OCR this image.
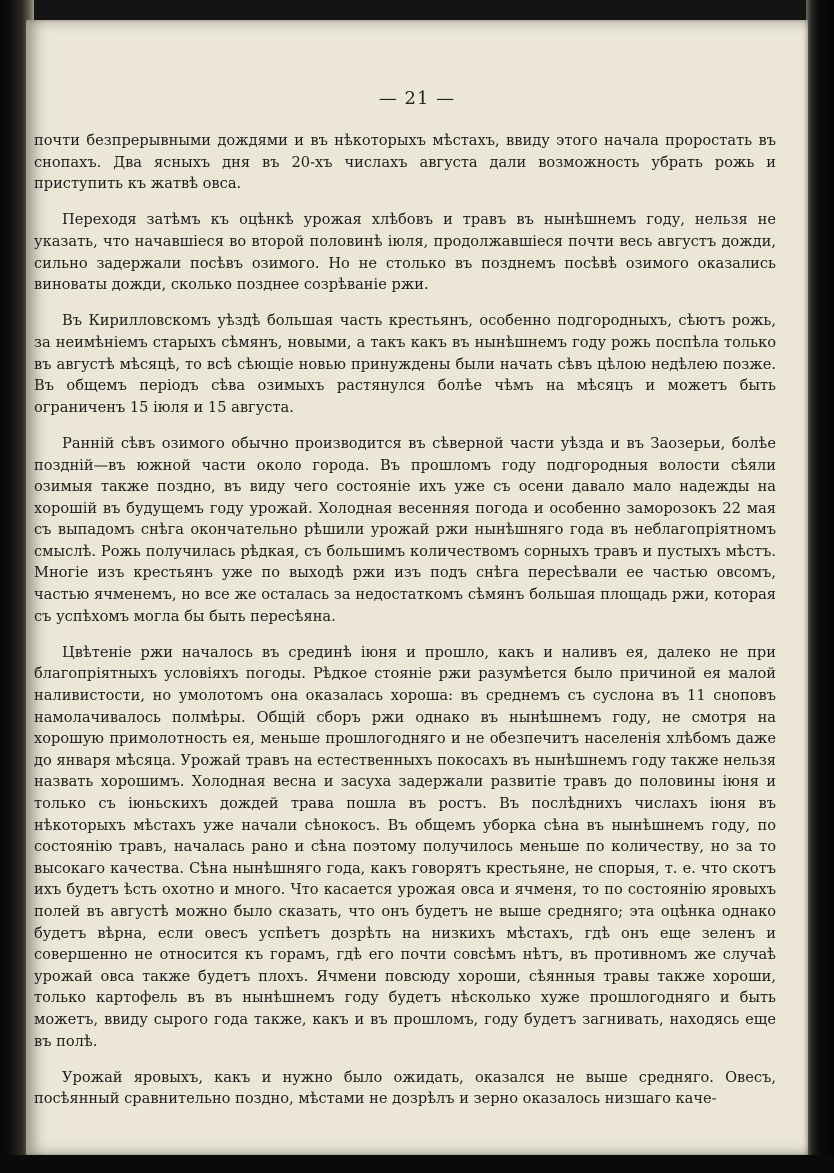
— 21 —

почти безпрерывными дождями и въ нѣкоторыхъ мѣстахъ, ввиду этого начала проростать въ снопахъ. Два ясныхъ дня въ 20-хъ числахъ августа дали возможность убрать рожь и приступить къ жатвѣ овса.

Переходя затѣмъ къ оцѣнкѣ урожая хлѣбовъ и травъ въ нынѣшнемъ году, нельзя не указать, что начавшіеся во второй половинѣ іюля, продолжавшіеся почти весь августъ дожди, сильно задержали посѣвъ озимого. Но не столько въ позднемъ посѣвѣ озимого оказались виноваты дожди, сколько позднее созрѣваніе ржи.

Въ Кирилловскомъ уѣздѣ большая часть крестьянъ, особенно подгородныхъ, сѣютъ рожь, за неимѣніемъ старыхъ сѣмянъ, новыми, а такъ какъ въ нынѣшнемъ году рожь поспѣла только въ августѣ мѣсяцѣ, то всѣ сѣющіе новью принуждены были начать сѣвъ цѣлою недѣлею позже. Въ общемъ періодъ сѣва озимыхъ растянулся болѣе чѣмъ на мѣсяцъ и можетъ быть ограниченъ 15 іюля и 15 августа.

Ранній сѣвъ озимого обычно производится въ сѣверной части уѣзда и въ Заозерьи, болѣе поздній—въ южной части около города. Въ прошломъ году подгородныя волости сѣяли озимыя также поздно, въ виду чего состояніе ихъ уже съ осени давало мало надежды на хорошій въ будущемъ году урожай. Холодная весенняя погода и особенно заморозокъ 22 мая съ выпадомъ снѣга окончательно рѣшили урожай ржи нынѣшняго года въ неблагопріятномъ смыслѣ. Рожь получилась рѣдкая, съ большимъ количествомъ сорныхъ травъ и пустыхъ мѣстъ. Многіе изъ крестьянъ уже по выходѣ ржи изъ подъ снѣга пересѣвали ее частью овсомъ, частью ячменемъ, но все же осталась за недостаткомъ сѣмянъ большая площадь ржи, которая съ успѣхомъ могла бы быть пересѣяна.

Цвѣтеніе ржи началось въ срединѣ іюня и прошло, какъ и наливъ ея, далеко не при благопріятныхъ условіяхъ погоды. Рѣдкое стояніе ржи разумѣется было причиной ея малой наливистости, но умолотомъ она оказалась хороша: въ среднемъ съ суслона въ 11 сноповъ намолачивалось полмѣры. Общій сборъ ржи однако въ нынѣшнемъ году, не смотря на хорошую примолотность ея, меньше прошлогодняго и не обезпечитъ населенія хлѣбомъ даже до января мѣсяца. Урожай травъ на естественныхъ покосахъ въ нынѣшнемъ году также нельзя назвать хорошимъ. Холодная весна и засуха задержали развитіе травъ до половины іюня и только съ іюньскихъ дождей трава пошла въ ростъ. Въ послѣднихъ числахъ іюня въ нѣкоторыхъ мѣстахъ уже начали сѣнокосъ. Въ общемъ уборка сѣна въ нынѣшнемъ году, по состоянію травъ, началась рано и сѣна поэтому получилось меньше по количеству, но за то высокаго качества. Сѣна нынѣшняго года, какъ говорятъ крестьяне, не спорыя, т. е. что скотъ ихъ будетъ ѣсть охотно и много. Что касается урожая овса и ячменя, то по состоянію яровыхъ полей въ августѣ можно было сказать, что онъ будетъ не выше средняго; эта оцѣнка однако будетъ вѣрна, если овесъ успѣетъ дозрѣть на низкихъ мѣстахъ, гдѣ онъ еще зеленъ и совершенно не относится къ горамъ, гдѣ его почти совсѣмъ нѣтъ, въ противномъ же случаѣ урожай овса также будетъ плохъ. Ячмени повсюду хороши, сѣянныя травы также хороши, только картофель въ въ нынѣшнемъ году будетъ нѣсколько хуже прошлогодняго и быть можетъ, ввиду сырого года также, какъ и въ прошломъ, году будетъ загнивать, находясь еще въ полѣ.

Урожай яровыхъ, какъ и нужно было ожидать, оказался не выше средняго. Овесъ, посѣянный сравнительно поздно, мѣстами не дозрѣлъ и зерно оказалось низшаго каче-
